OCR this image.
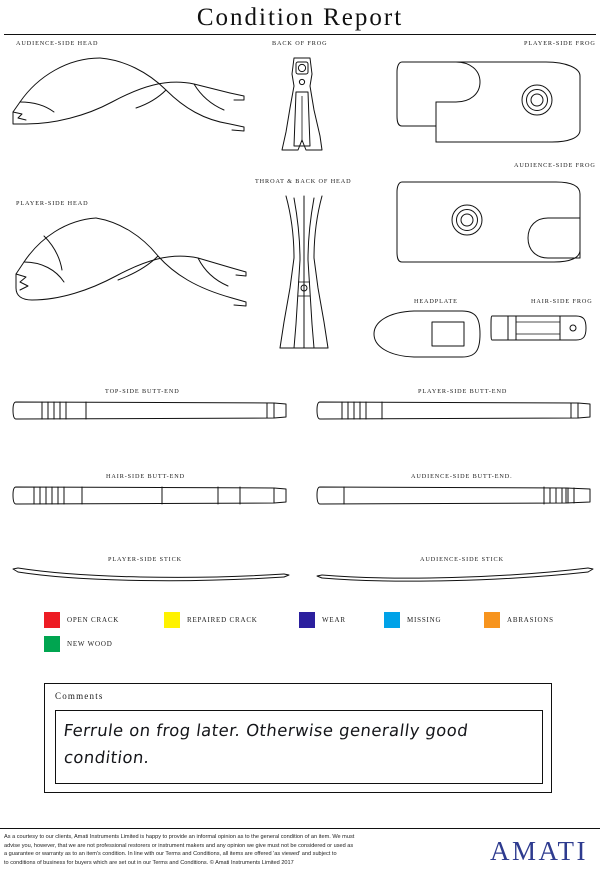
Condition Report
AUDIENCE-SIDE HEAD	BACK OF FROG	PLAYER-SIDE FROG
AUDIENCE-SIDE FROG
PLAYER-SIDE HEAD
THROAT & BACK OF HEAD
HEADPLATE	HAIR-SIDE FROG
TOP-SIDE BUTT-END	PLAYER-SIDE BUTT-END
HAIR-SIDE BUTT-END	AUDIENCE-SIDE BUTT-END.
PLAYER-SIDE STICK	AUDIENCE-SIDE STICK
OPEN CRACK	REPAIRED CRACK	WEAR	MISSING	ABRASIONS
NEW WOOD
Comments
Ferrule on frog later. Otherwise generally good
condition.
As a courtesy to our clients, Amati Instruments Limited is happy to provide an informal opinion as to the general condition of an item. We must
advise you, however, that we are not professional restorers or instrument makers and any opinion we give must not be considered or used as
a guarantee or warranty as to an item's condition. In line with our Terms and Conditions, all items are offered 'as viewed' and subject to
to conditions of business for buyers which are set out in our Terms and Conditions. © Amati Instruments Limited 2017	AMATI
